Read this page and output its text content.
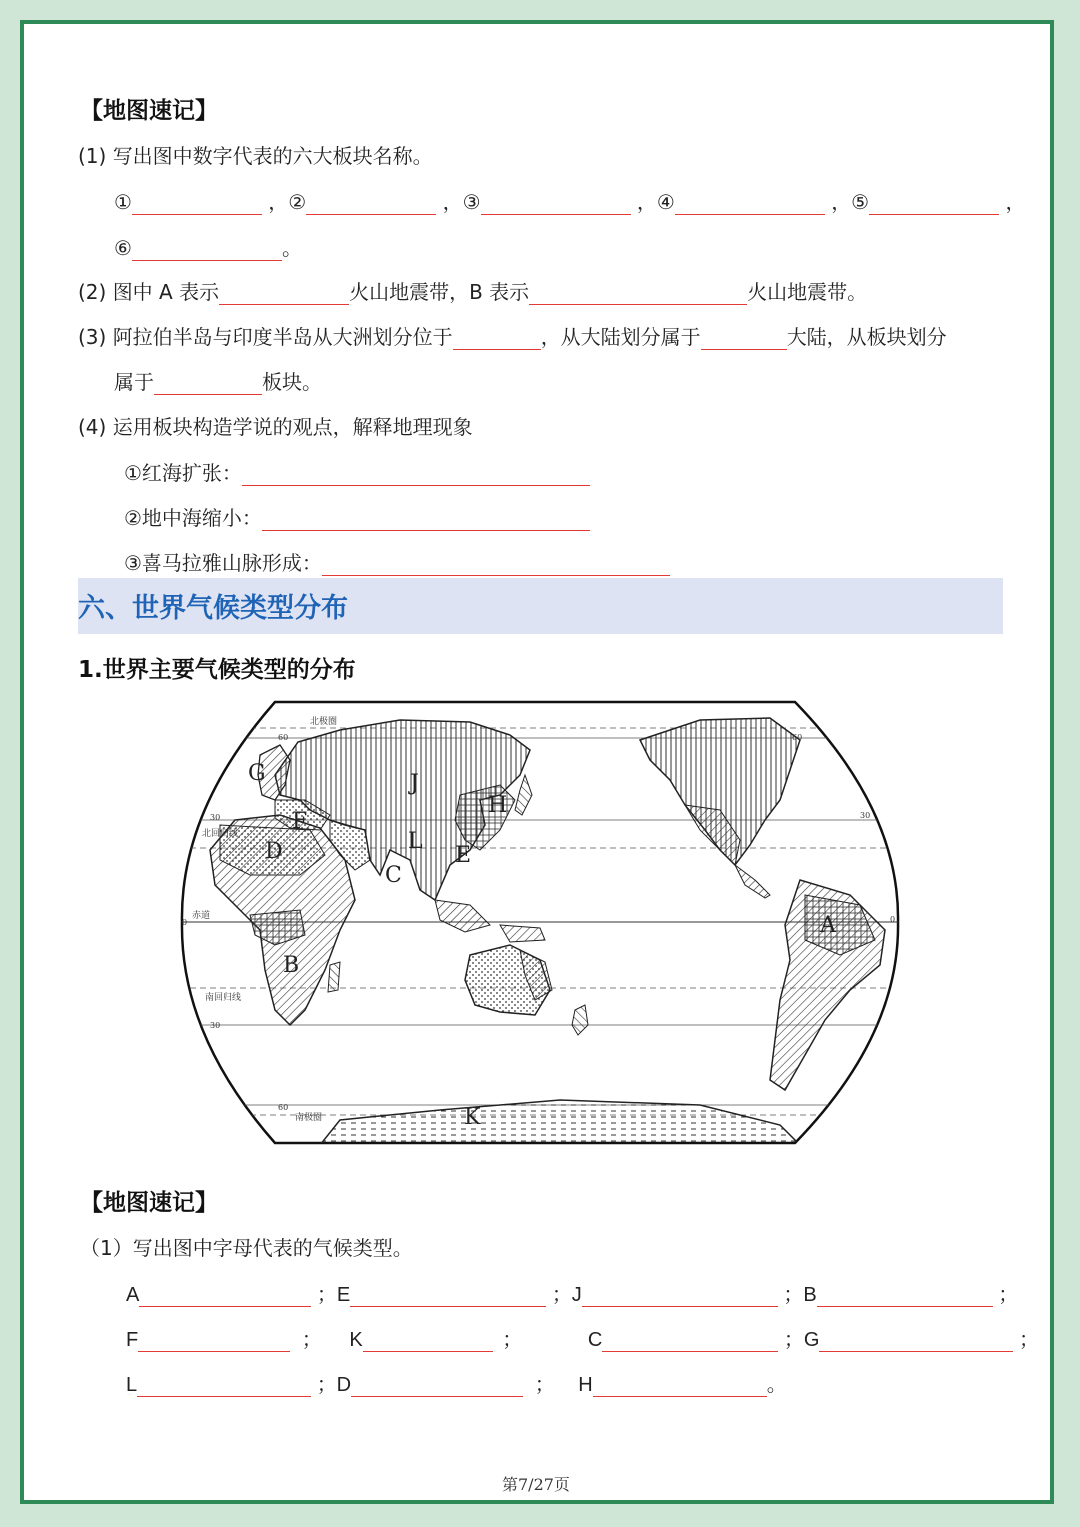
【地图速记】
(1) 写出图中数字代表的六大板块名称。
①	，②	，③	，④	，⑤	，
⑥	。
(2) 图中 A 表示	火山地震带，B 表示	火山地震带。
(3) 阿拉伯半岛与印度半岛从大洲划分位于	，从大陆划分属于	大陆，从板块划分
属于	板块。
(4) 运用板块构造学说的观点，解释地理现象
①红海扩张：
②地中海缩小：
③喜马拉雅山脉形成：
六、世界气候类型分布
1.世界主要气候类型的分布
北极圈
北回归线
赤道
南回归线
南极圈
60	60
30	30
0	0
30
60
G
F
D
J
H
L
E
C
B
A
K
【地图速记】
（1）写出图中字母代表的气候类型。
A	；E	；J	；B	；
F	； K	；	C	；G	；
L	；D	； H	。
第7/27页
